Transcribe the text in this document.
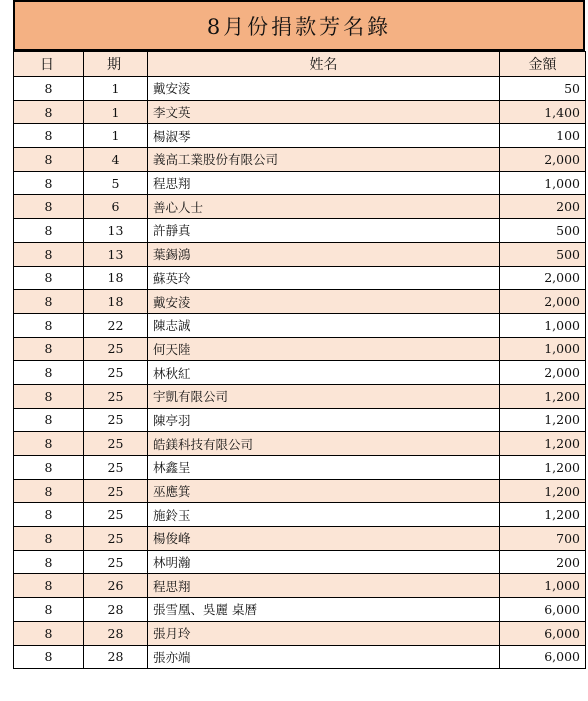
8月份捐款芳名錄
日	期	姓名	金額
8	1	戴安淩	50
8	1	李文英	1,400
8	1	楊淑琴	100
8	4	義高工業股份有限公司	2,000
8	5	程思翔	1,000
8	6	善心人士	200
8	13	許靜真	500
8	13	葉錫鴻	500
8	18	蘇英玲	2,000
8	18	戴安淩	2,000
8	22	陳志誠	1,000
8	25	何天陸	1,000
8	25	林秋紅	2,000
8	25	宇凱有限公司	1,200
8	25	陳亭羽	1,200
8	25	皓鎂科技有限公司	1,200
8	25	林鑫呈	1,200
8	25	巫應箕	1,200
8	25	施鈴玉	1,200
8	25	楊俊峰	700
8	25	林明瀚	200
8	26	程思翔	1,000
8	28	張雪凰、吳麗 桌曆	6,000
8	28	張月玲	6,000
8	28	張亦端	6,000
